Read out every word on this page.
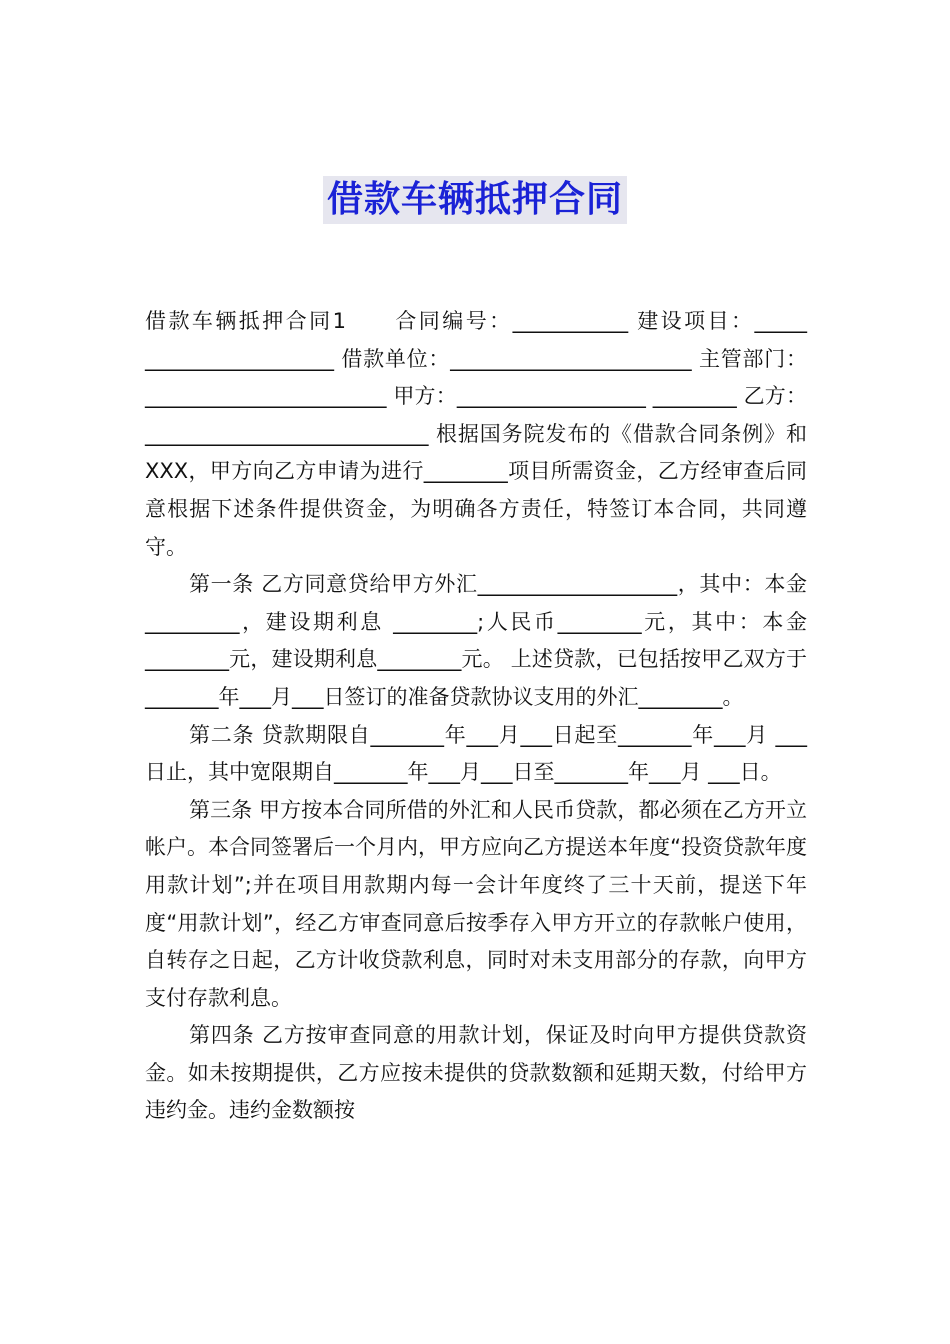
借款车辆抵押合同

借款车辆抵押合同1　　合同编号：___________ 建设项目：_____ __________________ 借款单位：_______________________ 主管部门：_______________________ 甲方：__________________ ________ 乙方：___________________________ 根据国务院发布的《借款合同条例》和XXX，甲方向乙方申请为进行________项目所需资金，乙方经审查后同意根据下述条件提供资金，为明确各方责任，特签订本合同，共同遵守。

第一条 乙方同意贷给甲方外汇___________________，其中：本金_________，建设期利息 ________;人民币________元，其中：本金________元，建设期利息________元。 上述贷款，已包括按甲乙双方于_______年___月___日签订的准备贷款协议支用的外汇________。

第二条 贷款期限自_______年___月___日起至_______年___月 ___日止，其中宽限期自_______年___月___日至_______年___月 ___日。

第三条 甲方按本合同所借的外汇和人民币贷款，都必须在乙方开立帐户。本合同签署后一个月内，甲方应向乙方提送本年度“投资贷款年度用款计划”;并在项目用款期内每一会计年度终了三十天前，提送下年度“用款计划”，经乙方审查同意后按季存入甲方开立的存款帐户使用，自转存之日起，乙方计收贷款利息，同时对未支用部分的存款，向甲方支付存款利息。

第四条 乙方按审查同意的用款计划，保证及时向甲方提供贷款资金。如未按期提供，乙方应按未提供的贷款数额和延期天数，付给甲方违约金。违约金数额按
